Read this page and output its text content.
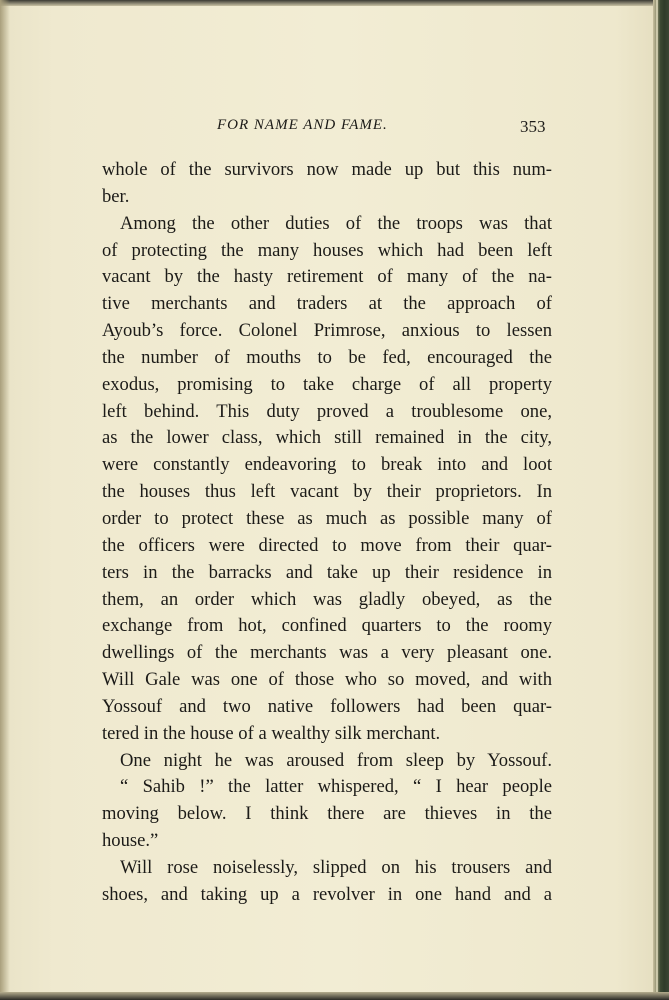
FOR NAME AND FAME.	353
whole of the survivors now made up but this num-
ber.
Among the other duties of the troops was that
of protecting the many houses which had been left
vacant by the hasty retirement of many of the na-
tive merchants and traders at the approach of
Ayoub’s force. Colonel Primrose, anxious to lessen
the number of mouths to be fed, encouraged the
exodus, promising to take charge of all property
left behind. This duty proved a troublesome one,
as the lower class, which still remained in the city,
were constantly endeavoring to break into and loot
the houses thus left vacant by their proprietors. In
order to protect these as much as possible many of
the officers were directed to move from their quar-
ters in the barracks and take up their residence in
them, an order which was gladly obeyed, as the
exchange from hot, confined quarters to the roomy
dwellings of the merchants was a very pleasant one.
Will Gale was one of those who so moved, and with
Yossouf and two native followers had been quar-
tered in the house of a wealthy silk merchant.
One night he was aroused from sleep by Yossouf.
“ Sahib !” the latter whispered, “ I hear people
moving below. I think there are thieves in the
house.”
Will rose noiselessly, slipped on his trousers and
shoes, and taking up a revolver in one hand and a
